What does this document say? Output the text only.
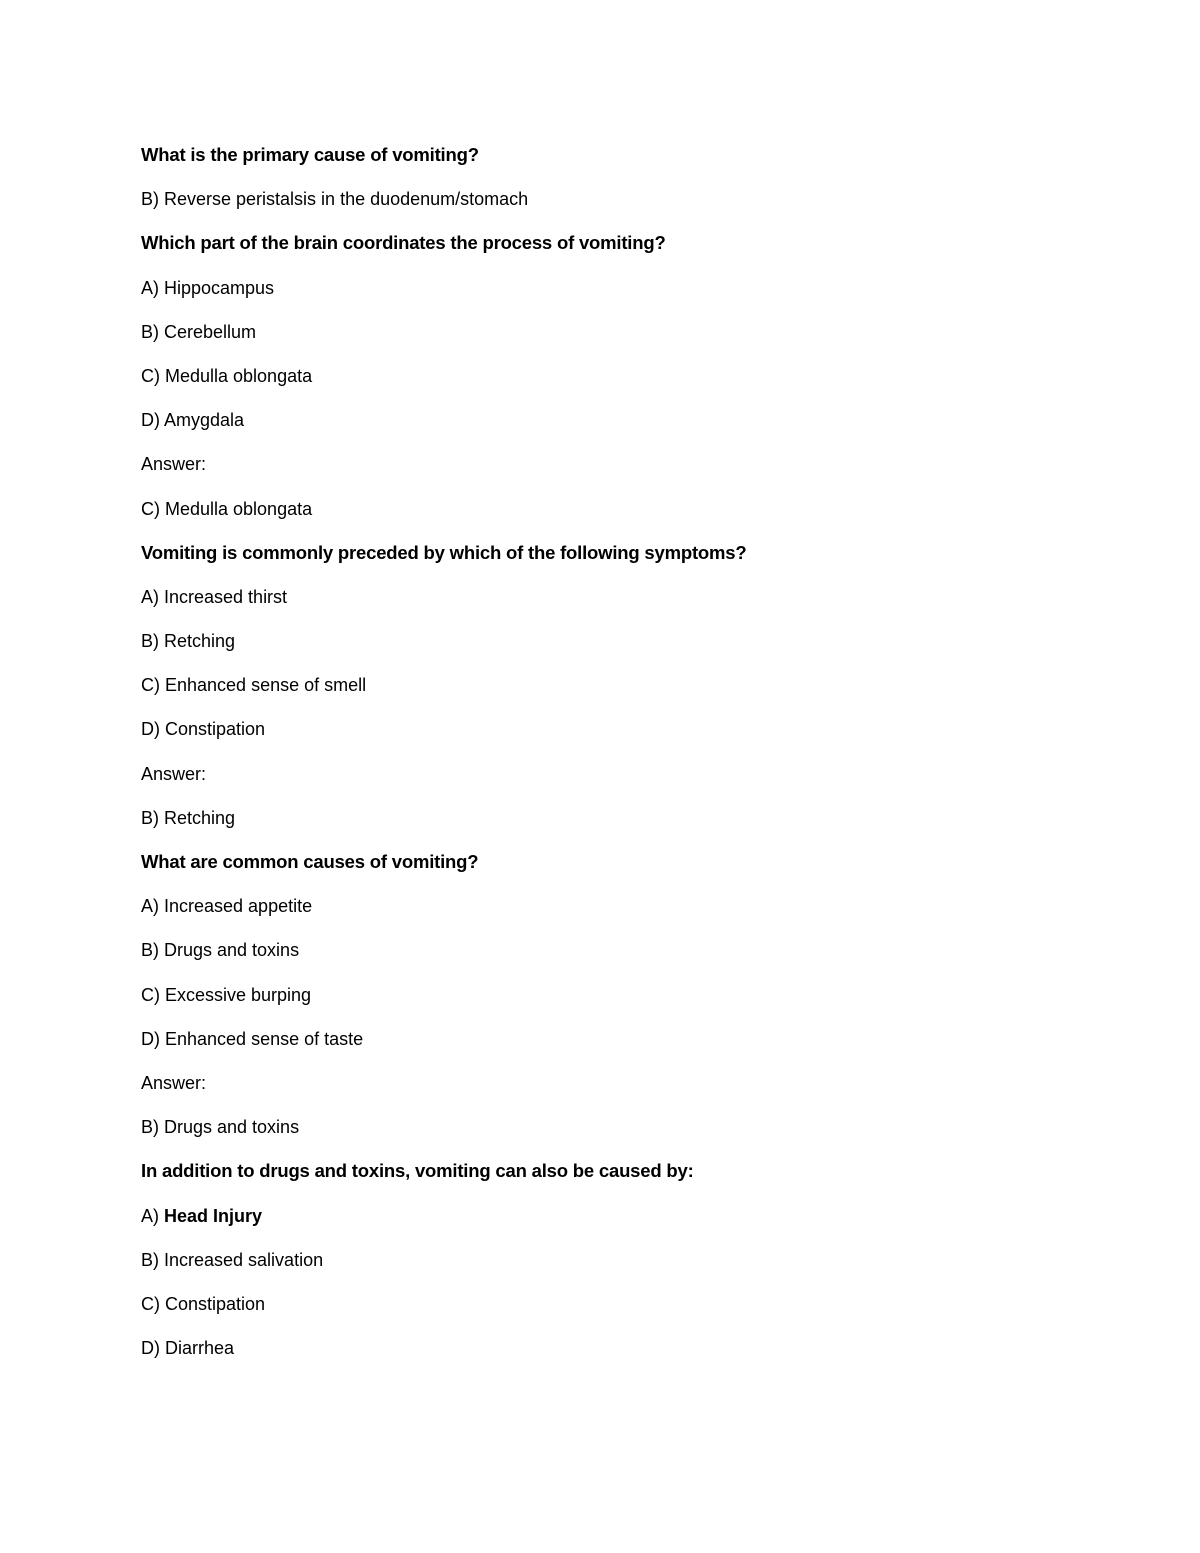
What is the primary cause of vomiting?
B) Reverse peristalsis in the duodenum/stomach
Which part of the brain coordinates the process of vomiting?
A) Hippocampus
B) Cerebellum
C) Medulla oblongata
D) Amygdala
Answer:
C) Medulla oblongata
Vomiting is commonly preceded by which of the following symptoms?
A) Increased thirst
B) Retching
C) Enhanced sense of smell
D) Constipation
Answer:
B) Retching
What are common causes of vomiting?
A) Increased appetite
B) Drugs and toxins
C) Excessive burping
D) Enhanced sense of taste
Answer:
B) Drugs and toxins
In addition to drugs and toxins, vomiting can also be caused by:
A) Head Injury
B) Increased salivation
C) Constipation
D) Diarrhea
